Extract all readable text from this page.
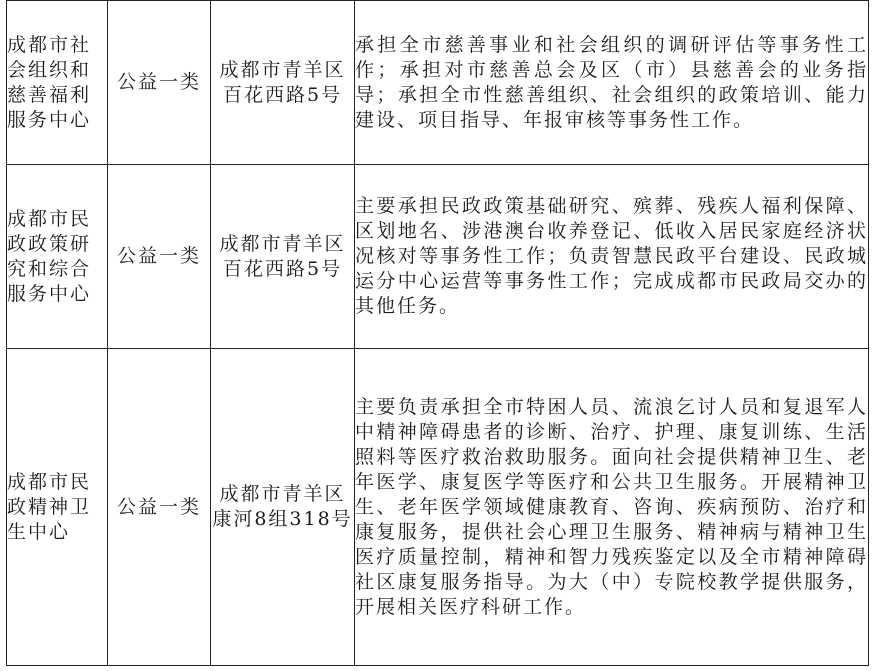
成都市社会组织和慈善福利服务中心	公益一类	成都市青羊区百花西路5号	承担全市慈善事业和社会组织的调研评估等事务性工作；承担对市慈善总会及区（市）县慈善会的业务指导；承担全市性慈善组织、社会组织的政策培训、能力建设、项目指导、年报审核等事务性工作。

成都市民政政策研究和综合服务中心	公益一类	成都市青羊区百花西路5号	主要承担民政政策基础研究、殡葬、残疾人福利保障、区划地名、涉港澳台收养登记、低收入居民家庭经济状况核对等事务性工作；负责智慧民政平台建设、民政城运分中心运营等事务性工作；完成成都市民政局交办的其他任务。

成都市民政精神卫生中心	公益一类	成都市青羊区康河8组318号	主要负责承担全市特困人员、流浪乞讨人员和复退军人中精神障碍患者的诊断、治疗、护理、康复训练、生活照料等医疗救治救助服务。面向社会提供精神卫生、老年医学、康复医学等医疗和公共卫生服务。开展精神卫生、老年医学领域健康教育、咨询、疾病预防、治疗和康复服务，提供社会心理卫生服务、精神病与精神卫生医疗质量控制，精神和智力残疾鉴定以及全市精神障碍社区康复服务指导。为大（中）专院校教学提供服务，开展相关医疗科研工作。
